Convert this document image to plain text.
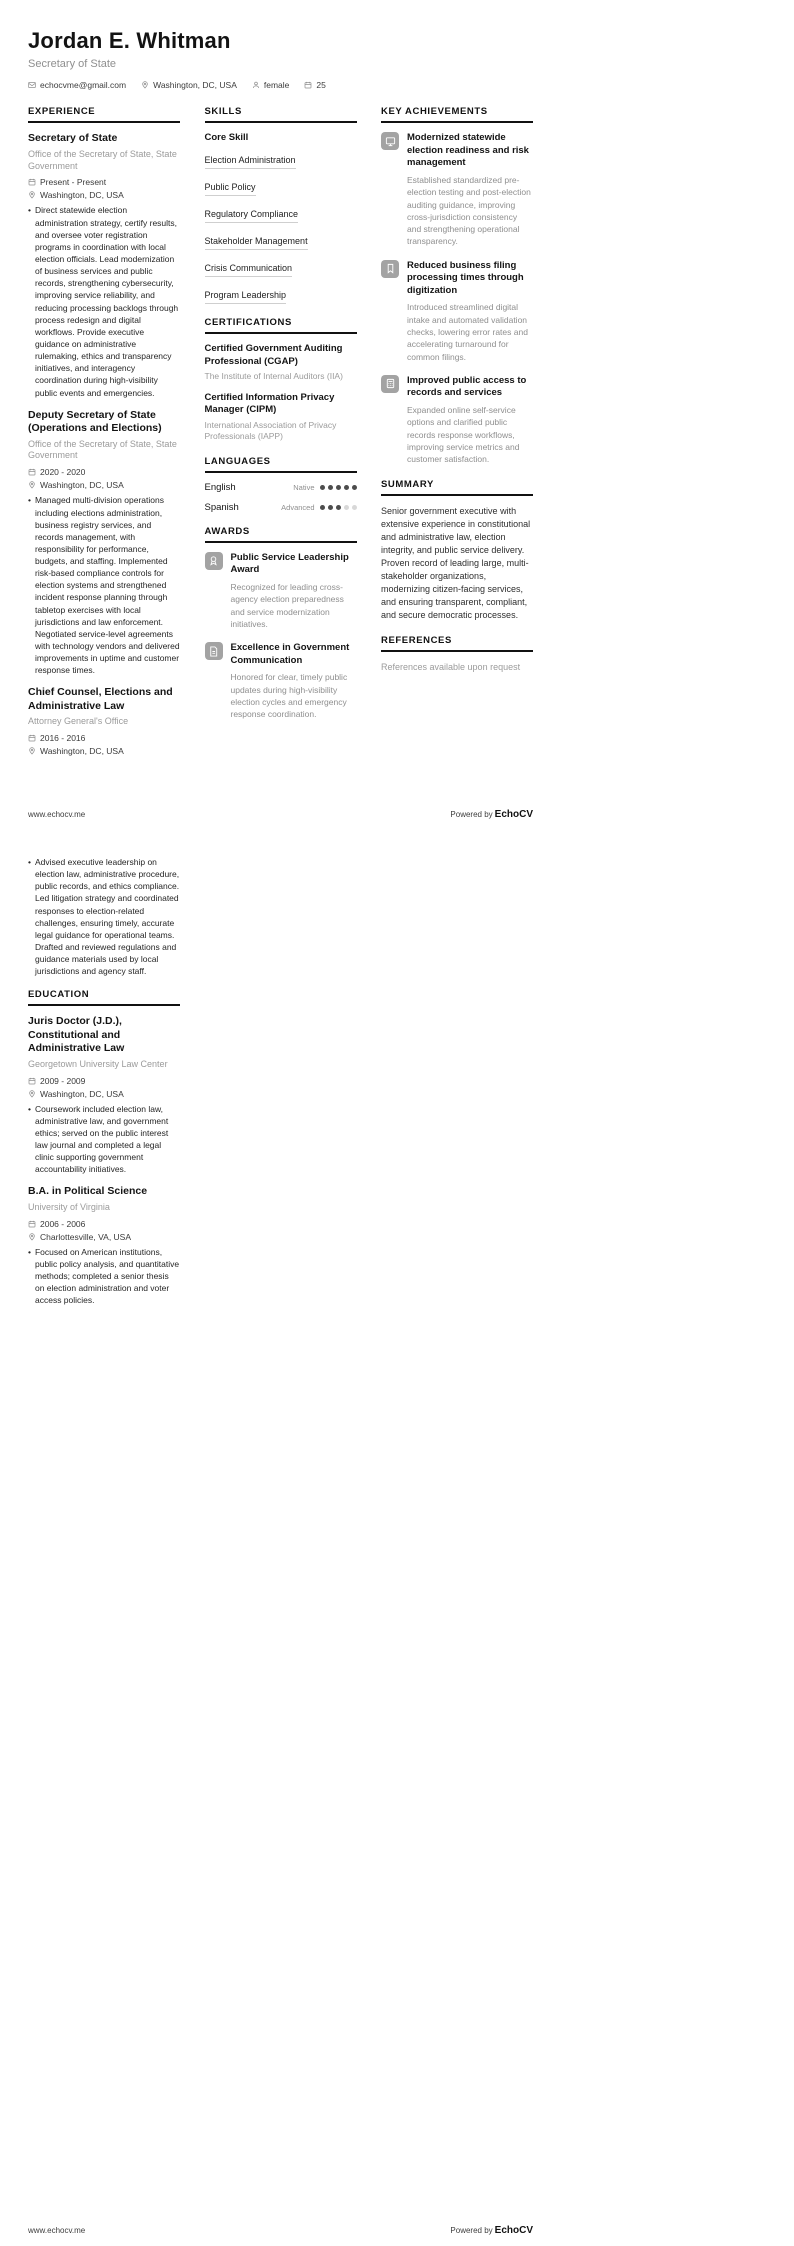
Jordan E. Whitman
Secretary of State
echocvme@gmail.com	Washington, DC, USA	female	25
EXPERIENCE
Secretary of State
Office of the Secretary of State, State Government
Present - Present
Washington, DC, USA
• Direct statewide election administration strategy, certify results, and oversee voter registration programs in coordination with local election officials. Lead modernization of business services and public records, strengthening cybersecurity, improving service reliability, and reducing processing backlogs through process redesign and digital workflows. Provide executive guidance on administrative rulemaking, ethics and transparency initiatives, and interagency coordination during high-visibility public events and emergencies.
Deputy Secretary of State (Operations and Elections)
Office of the Secretary of State, State Government
2020 - 2020
Washington, DC, USA
• Managed multi-division operations including elections administration, business registry services, and records management, with responsibility for performance, budgets, and staffing. Implemented risk-based compliance controls for election systems and strengthened incident response planning through tabletop exercises with local jurisdictions and law enforcement. Negotiated service-level agreements with technology vendors and delivered improvements in uptime and customer response times.
Chief Counsel, Elections and Administrative Law
Attorney General's Office
2016 - 2016
Washington, DC, USA
SKILLS
Core Skill
Election Administration
Public Policy
Regulatory Compliance
Stakeholder Management
Crisis Communication
Program Leadership
CERTIFICATIONS
Certified Government Auditing Professional (CGAP)
The Institute of Internal Auditors (IIA)
Certified Information Privacy Manager (CIPM)
International Association of Privacy Professionals (IAPP)
LANGUAGES
English	Native
Spanish	Advanced
AWARDS
Public Service Leadership Award
Recognized for leading cross-agency election preparedness and service modernization initiatives.
Excellence in Government Communication
Honored for clear, timely public updates during high-visibility election cycles and emergency response coordination.
KEY ACHIEVEMENTS
Modernized statewide election readiness and risk management
Established standardized pre-election testing and post-election auditing guidance, improving cross-jurisdiction consistency and strengthening operational transparency.
Reduced business filing processing times through digitization
Introduced streamlined digital intake and automated validation checks, lowering error rates and accelerating turnaround for common filings.
Improved public access to records and services
Expanded online self-service options and clarified public records response workflows, improving service metrics and customer satisfaction.
SUMMARY
Senior government executive with extensive experience in constitutional and administrative law, election integrity, and public service delivery. Proven record of leading large, multi-stakeholder organizations, modernizing citizen-facing services, and ensuring transparent, compliant, and secure democratic processes.
REFERENCES
References available upon request
www.echocv.me	Powered by EchoCV
• Advised executive leadership on election law, administrative procedure, public records, and ethics compliance. Led litigation strategy and coordinated responses to election-related challenges, ensuring timely, accurate legal guidance for operational teams. Drafted and reviewed regulations and guidance materials used by local jurisdictions and agency staff.
EDUCATION
Juris Doctor (J.D.), Constitutional and Administrative Law
Georgetown University Law Center
2009 - 2009
Washington, DC, USA
• Coursework included election law, administrative law, and government ethics; served on the public interest law journal and completed a legal clinic supporting government accountability initiatives.
B.A. in Political Science
University of Virginia
2006 - 2006
Charlottesville, VA, USA
• Focused on American institutions, public policy analysis, and quantitative methods; completed a senior thesis on election administration and voter access policies.
www.echocv.me	Powered by EchoCV
